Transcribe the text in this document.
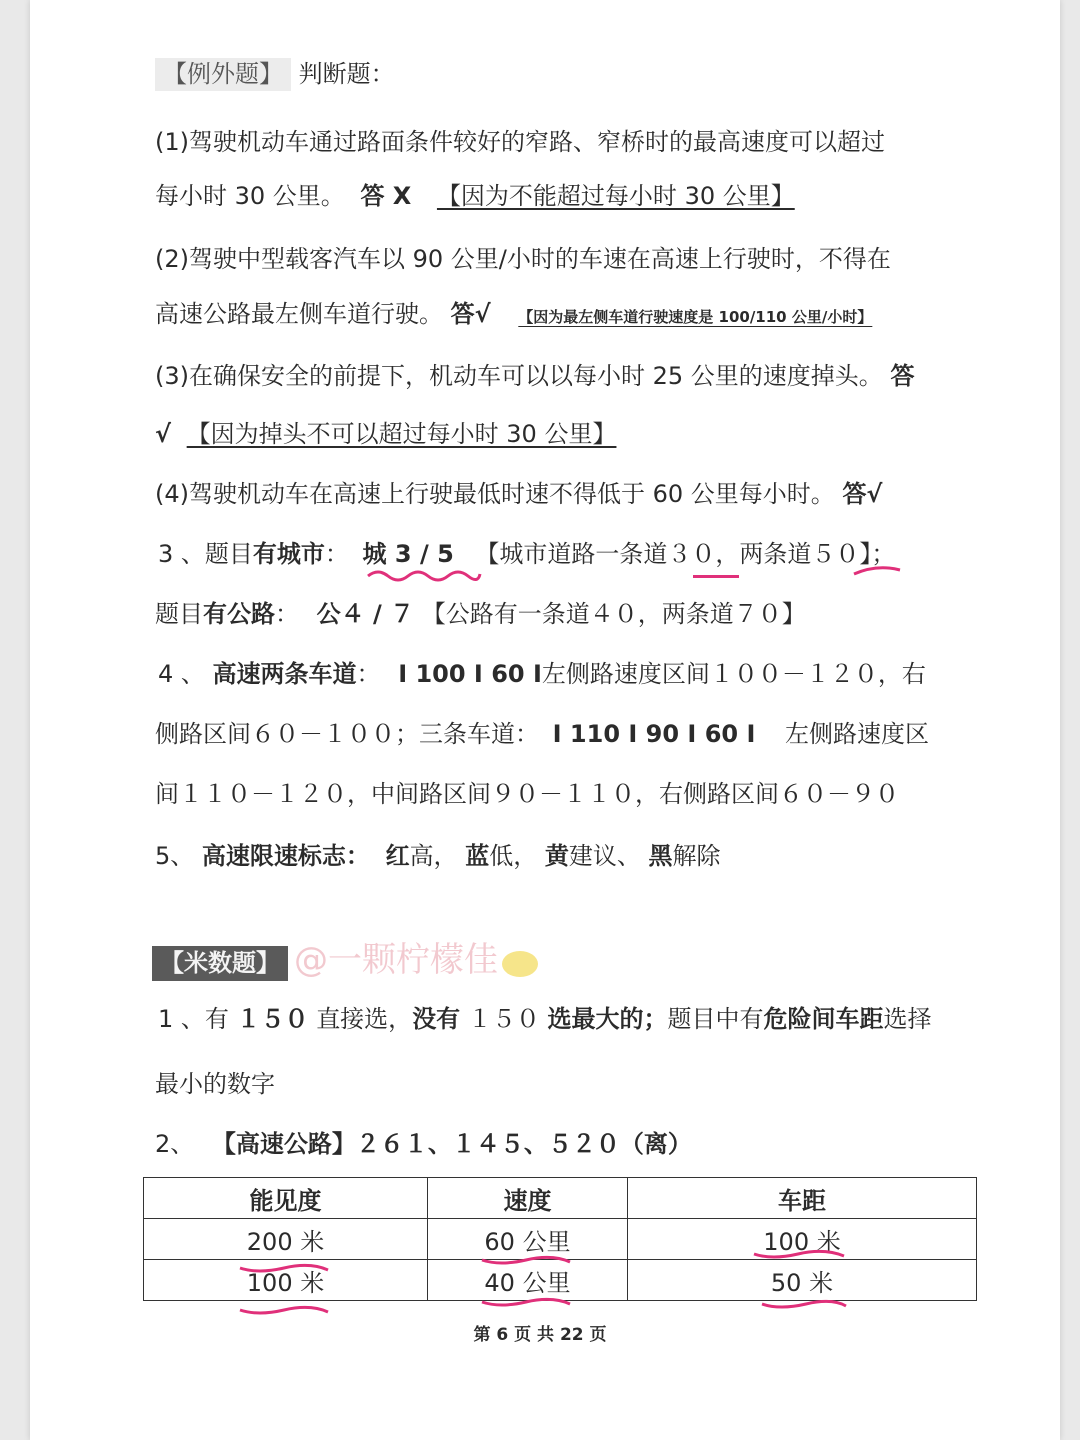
【例外题】 判断题：
(1)驾驶机动车通过路面条件较好的窄路、窄桥时的最高速度可以超过
每小时 30 公里。 答 X 【因为不能超过每小时 30 公里】
(2)驾驶中型载客汽车以 90 公里/小时的车速在高速上行驶时，不得在
高速公路最左侧车道行驶。 答√ 【因为最左侧车道行驶速度是 100/110 公里/小时】
(3)在确保安全的前提下，机动车可以以每小时 25 公里的速度掉头。 答
√ 【因为掉头不可以超过每小时 30 公里】
(4)驾驶机动车在高速上行驶最低时速不得低于 60 公里每小时。 答√
3 、题目有城市： 城 3 / 5 【城市道路一条道３０，两条道５０】；
题目有公路： 公４ / ７ 【公路有一条道４０，两条道７０】
4 、 高速两条车道： I 100 I 60 I左侧路速度区间１００－１２０，右
侧路区间６０－１００；三条车道： I 110 I 90 I 60 I 左侧路速度区
间１１０－１２０，中间路区间９０－１１０，右侧路区间６０－９０
5、 高速限速标志： 红高， 蓝低， 黄建议、 黑解除
【米数题】 @一颗柠檬佳
1 、有 １５０ 直接选，没有 １５０ 选最大的；题目中有危险间车距选择
最小的数字
2、 【高速公路】２６１、１４５、５２０（离）
能见度	速度	车距
200 米	60 公里	100 米
100 米	40 公里	50 米
第 6 页 共 22 页
